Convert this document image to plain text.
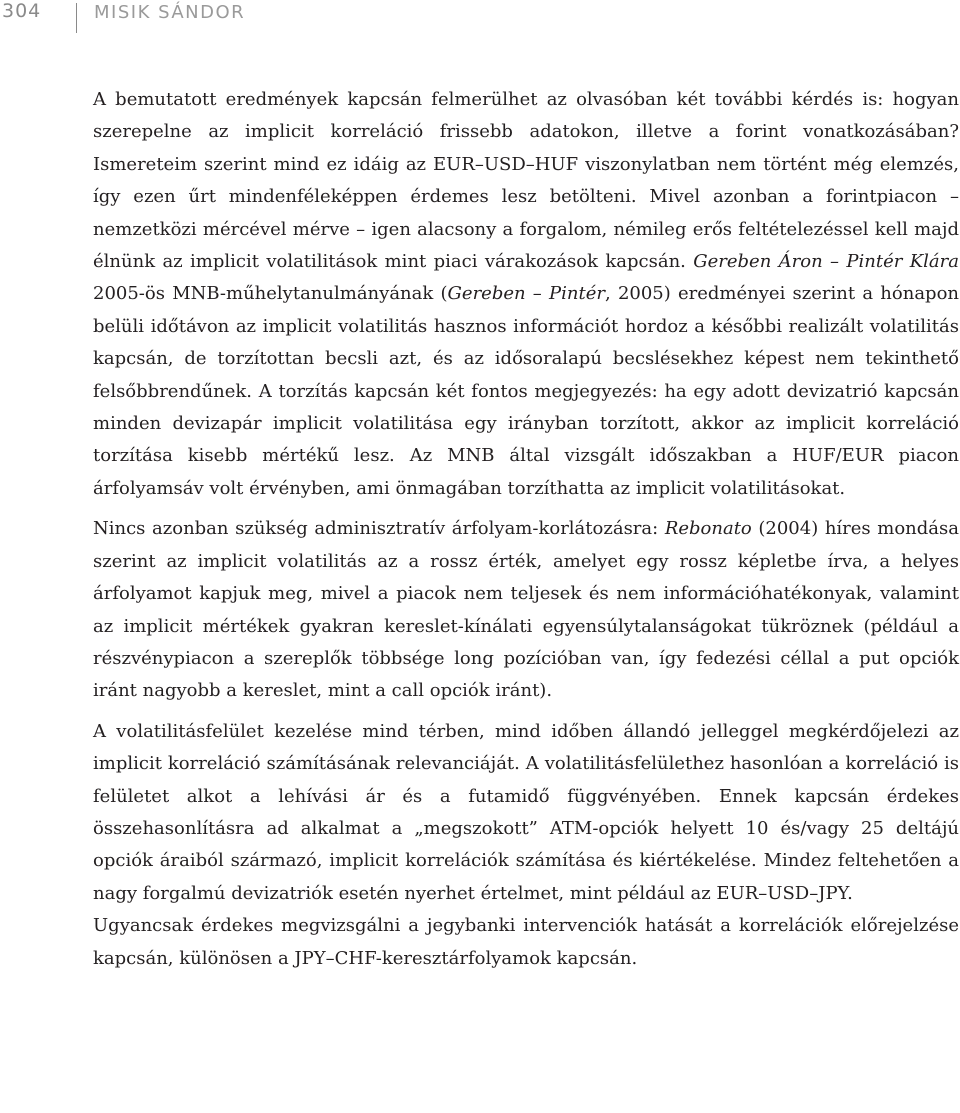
304	MISIK SÁNDOR

A bemutatott eredmények kapcsán felmerülhet az olvasóban két további kérdés is: hogyan szerepelne az implicit korreláció frissebb adatokon, illetve a forint vonatkozásában? Ismereteim szerint mind ez idáig az EUR–USD–HUF viszonylatban nem történt még elemzés, így ezen űrt mindenféleképpen érdemes lesz betölteni. Mivel azonban a forintpiacon – nemzetközi mércével mérve – igen alacsony a forgalom, némileg erős feltételezéssel kell majd élnünk az implicit volatilitások mint piaci várakozások kapcsán. Gereben Áron – Pintér Klára 2005-ös MNB-műhelytanulmányának (Gereben – Pintér, 2005) eredményei szerint a hónapon belüli időtávon az implicit volatilitás hasznos információt hordoz a későbbi realizált volatilitás kapcsán, de torzítottan becsli azt, és az idősoralapú becslésekhez képest nem tekinthető felsőbbrendűnek. A torzítás kapcsán két fontos megjegyezés: ha egy adott devizatrió kapcsán minden devizapár implicit volatilitása egy irányban torzított, akkor az implicit korreláció torzítása kisebb mértékű lesz. Az MNB által vizsgált időszakban a HUF/EUR piacon árfolyamsáv volt érvényben, ami önmagában torzíthatta az implicit volatilitásokat.

Nincs azonban szükség adminisztratív árfolyam-korlátozásra: Rebonato (2004) híres mondása szerint az implicit volatilitás az a rossz érték, amelyet egy rossz képletbe írva, a helyes árfolyamot kapjuk meg, mivel a piacok nem teljesek és nem információhatékonyak, valamint az implicit mértékek gyakran kereslet-kínálati egyensúlytalanságokat tükröznek (például a részvénypiacon a szereplők többsége long pozícióban van, így fedezési céllal a put opciók iránt nagyobb a kereslet, mint a call opciók iránt).

A volatilitásfelület kezelése mind térben, mind időben állandó jelleggel megkérdőjelezi az implicit korreláció számításának relevanciáját. A volatilitásfelülethez hasonlóan a korreláció is felületet alkot a lehívási ár és a futamidő függvényében. Ennek kapcsán érdekes összehasonlításra ad alkalmat a „megszokott” ATM-opciók helyett 10 és/vagy 25 deltájú opciók áraiból származó, implicit korrelációk számítása és kiértékelése. Mindez feltehetően a nagy forgalmú devizatriók esetén nyerhet értelmet, mint például az EUR–USD–JPY.

Ugyancsak érdekes megvizsgálni a jegybanki intervenciók hatását a korrelációk előrejelzése kapcsán, különösen a JPY–CHF-keresztárfolyamok kapcsán.
